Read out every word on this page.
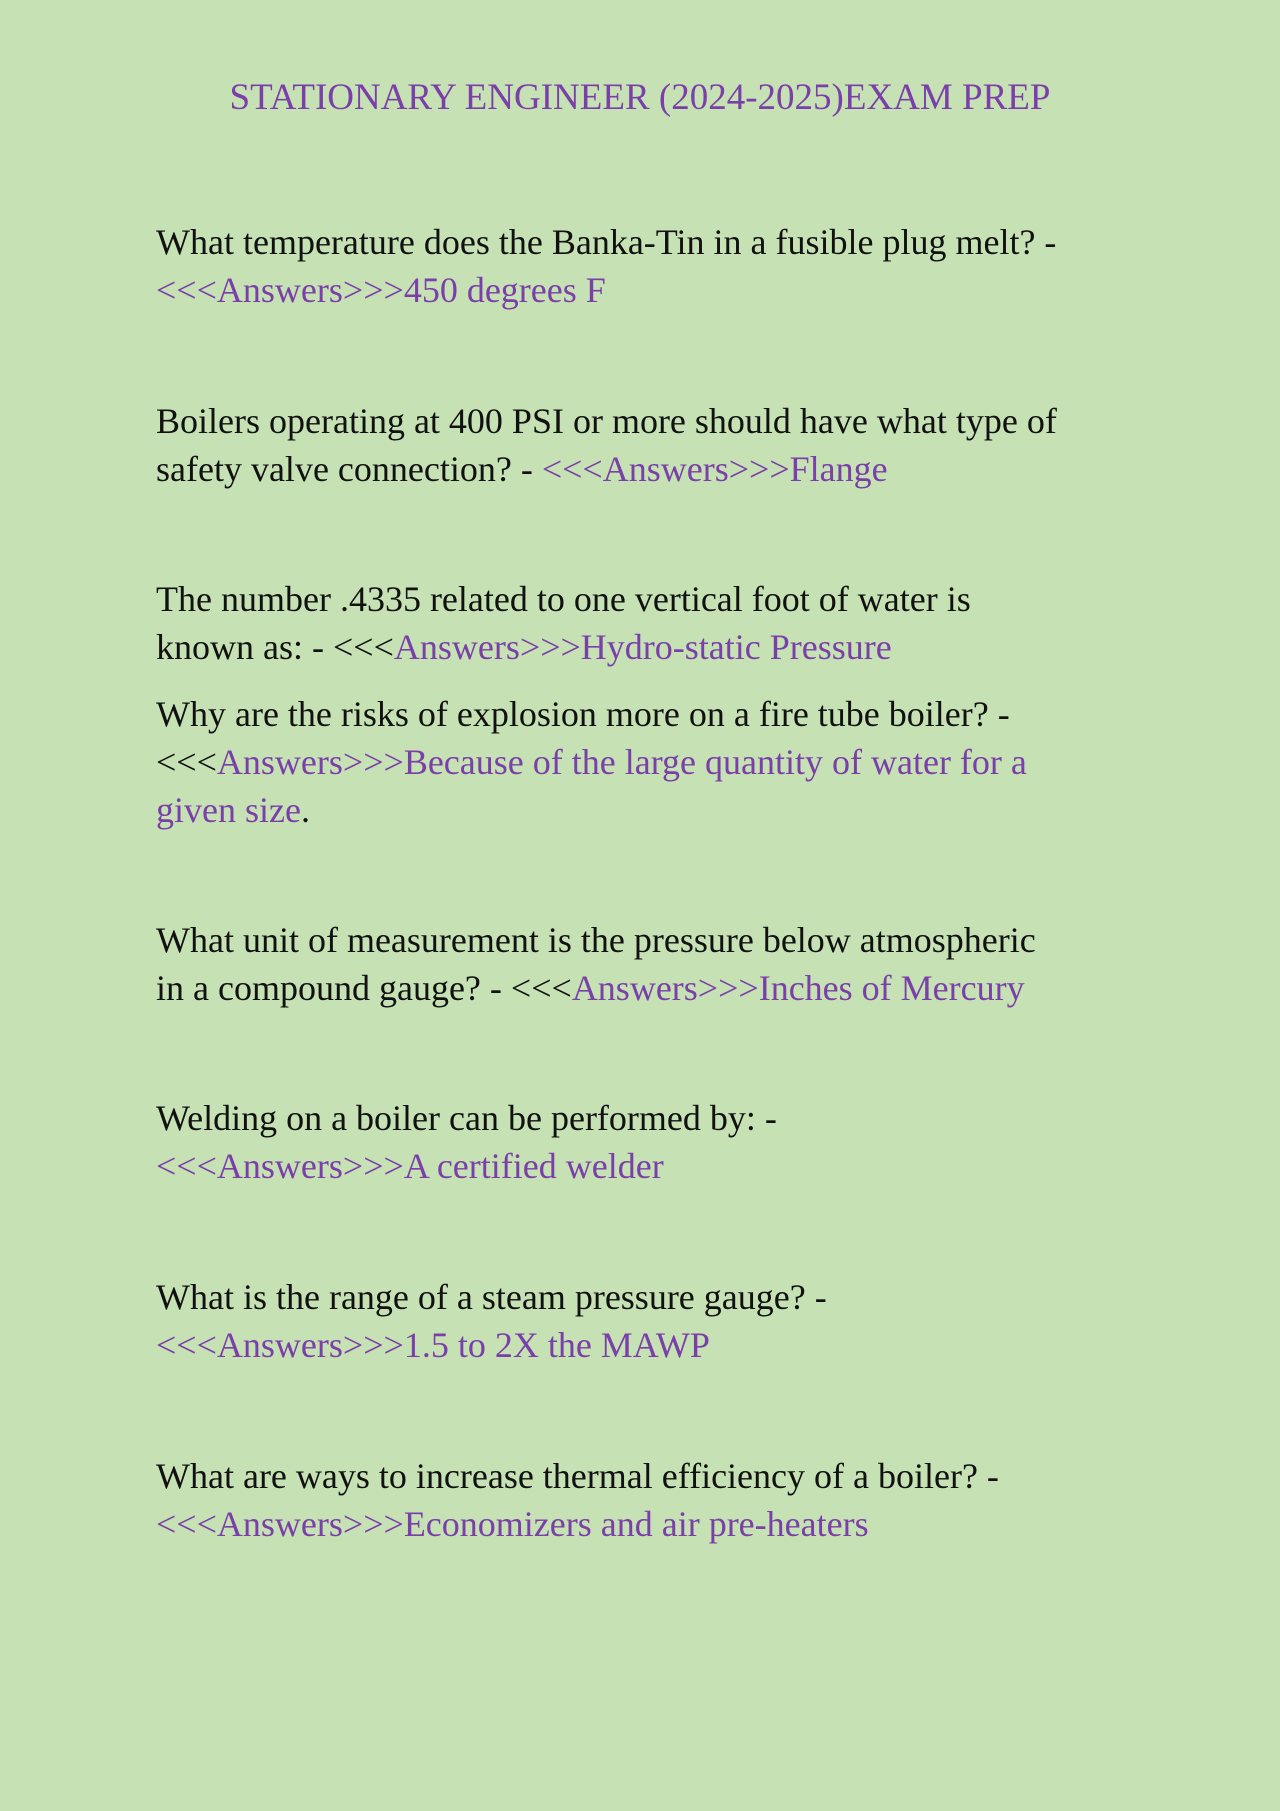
STATIONARY ENGINEER (2024-2025)EXAM PREP

What temperature does the Banka-Tin in a fusible plug melt? -
<<<Answers>>>450 degrees F

Boilers operating at 400 PSI or more should have what type of
safety valve connection? - <<<Answers>>>Flange

The number .4335 related to one vertical foot of water is
known as: - <<<Answers>>>Hydro-static Pressure

Why are the risks of explosion more on a fire tube boiler? -
<<<Answers>>>Because of the large quantity of water for a
given size.

What unit of measurement is the pressure below atmospheric
in a compound gauge? - <<<Answers>>>Inches of Mercury

Welding on a boiler can be performed by: -
<<<Answers>>>A certified welder

What is the range of a steam pressure gauge? -
<<<Answers>>>1.5 to 2X the MAWP

What are ways to increase thermal efficiency of a boiler? -
<<<Answers>>>Economizers and air pre-heaters
